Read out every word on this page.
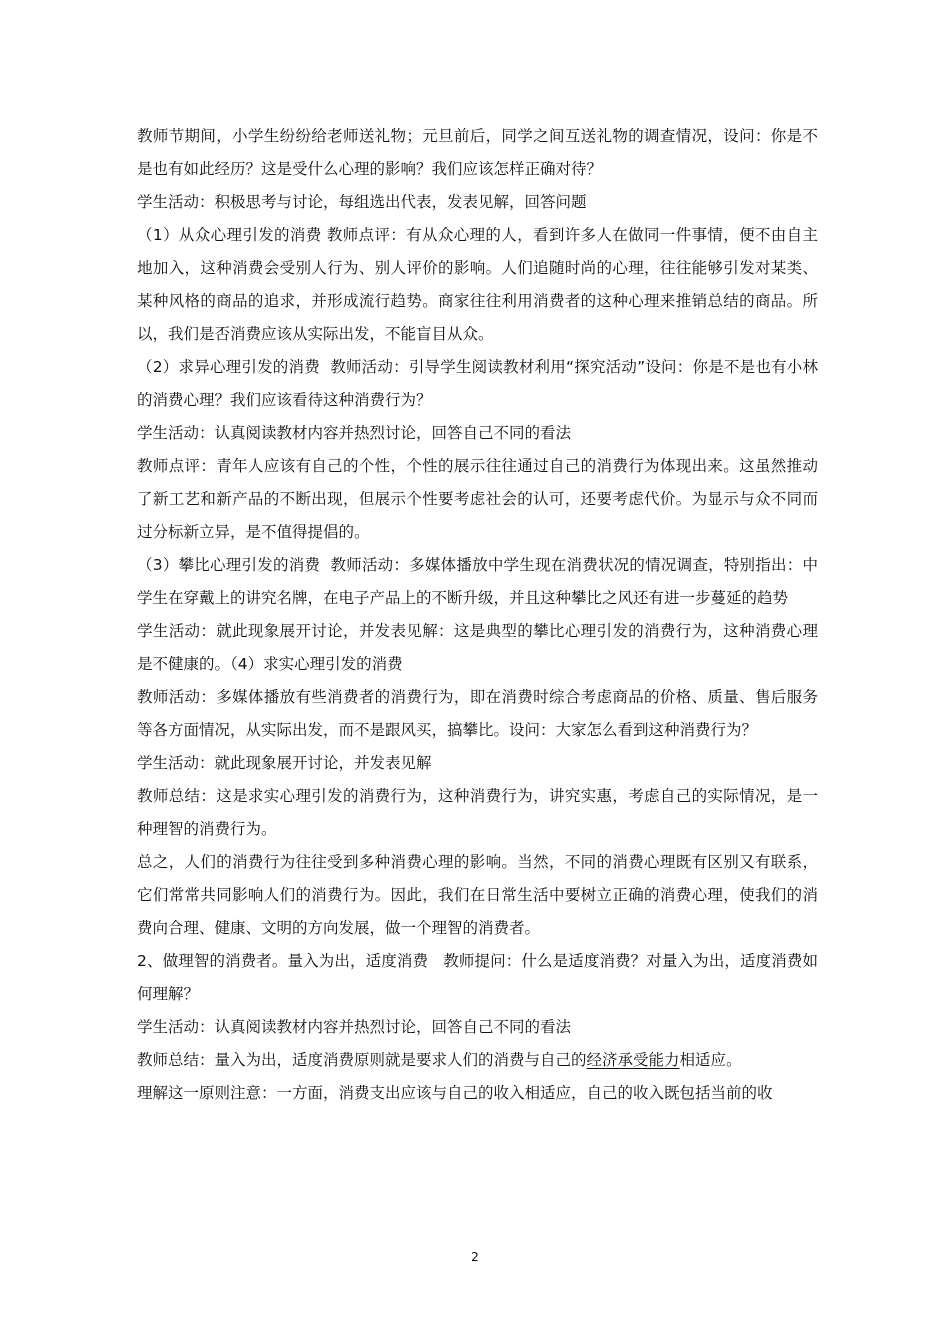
教师节期间，小学生纷纷给老师送礼物；元旦前后，同学之间互送礼物的调查情况，设问：你是不是也有如此经历？这是受什么心理的影响？我们应该怎样正确对待？

学生活动：积极思考与讨论，每组选出代表，发表见解，回答问题

（1）从众心理引发的消费 教师点评：有从众心理的人，看到许多人在做同一件事情，便不由自主地加入，这种消费会受别人行为、别人评价的影响。人们追随时尚的心理，往往能够引发对某类、某种风格的商品的追求，并形成流行趋势。商家往往利用消费者的这种心理来推销总结的商品。所以，我们是否消费应该从实际出发，不能盲目从众。

（2）求异心理引发的消费  教师活动：引导学生阅读教材利用“探究活动”设问：你是不是也有小林的消费心理？我们应该看待这种消费行为？

学生活动：认真阅读教材内容并热烈讨论，回答自己不同的看法

教师点评：青年人应该有自己的个性，个性的展示往往通过自己的消费行为体现出来。这虽然推动了新工艺和新产品的不断出现，但展示个性要考虑社会的认可，还要考虑代价。为显示与众不同而过分标新立异，是不值得提倡的。

（3）攀比心理引发的消费  教师活动：多媒体播放中学生现在消费状况的情况调查，特别指出：中学生在穿戴上的讲究名牌，在电子产品上的不断升级，并且这种攀比之风还有进一步蔓延的趋势

学生活动：就此现象展开讨论，并发表见解：这是典型的攀比心理引发的消费行为，这种消费心理是不健康的。（4）求实心理引发的消费

教师活动：多媒体播放有些消费者的消费行为，即在消费时综合考虑商品的价格、质量、售后服务等各方面情况，从实际出发，而不是跟风买，搞攀比。设问：大家怎么看到这种消费行为？

学生活动：就此现象展开讨论，并发表见解

教师总结：这是求实心理引发的消费行为，这种消费行为，讲究实惠，考虑自己的实际情况，是一种理智的消费行为。

总之，人们的消费行为往往受到多种消费心理的影响。当然，不同的消费心理既有区别又有联系，它们常常共同影响人们的消费行为。因此，我们在日常生活中要树立正确的消费心理，使我们的消费向合理、健康、文明的方向发展，做一个理智的消费者。

2、做理智的消费者。量入为出，适度消费   教师提问：什么是适度消费？对量入为出，适度消费如何理解？

学生活动：认真阅读教材内容并热烈讨论，回答自己不同的看法

教师总结：量入为出，适度消费原则就是要求人们的消费与自己的经济承受能力相适应。

理解这一原则注意：一方面，消费支出应该与自己的收入相适应，自己的收入既包括当前的收

2
